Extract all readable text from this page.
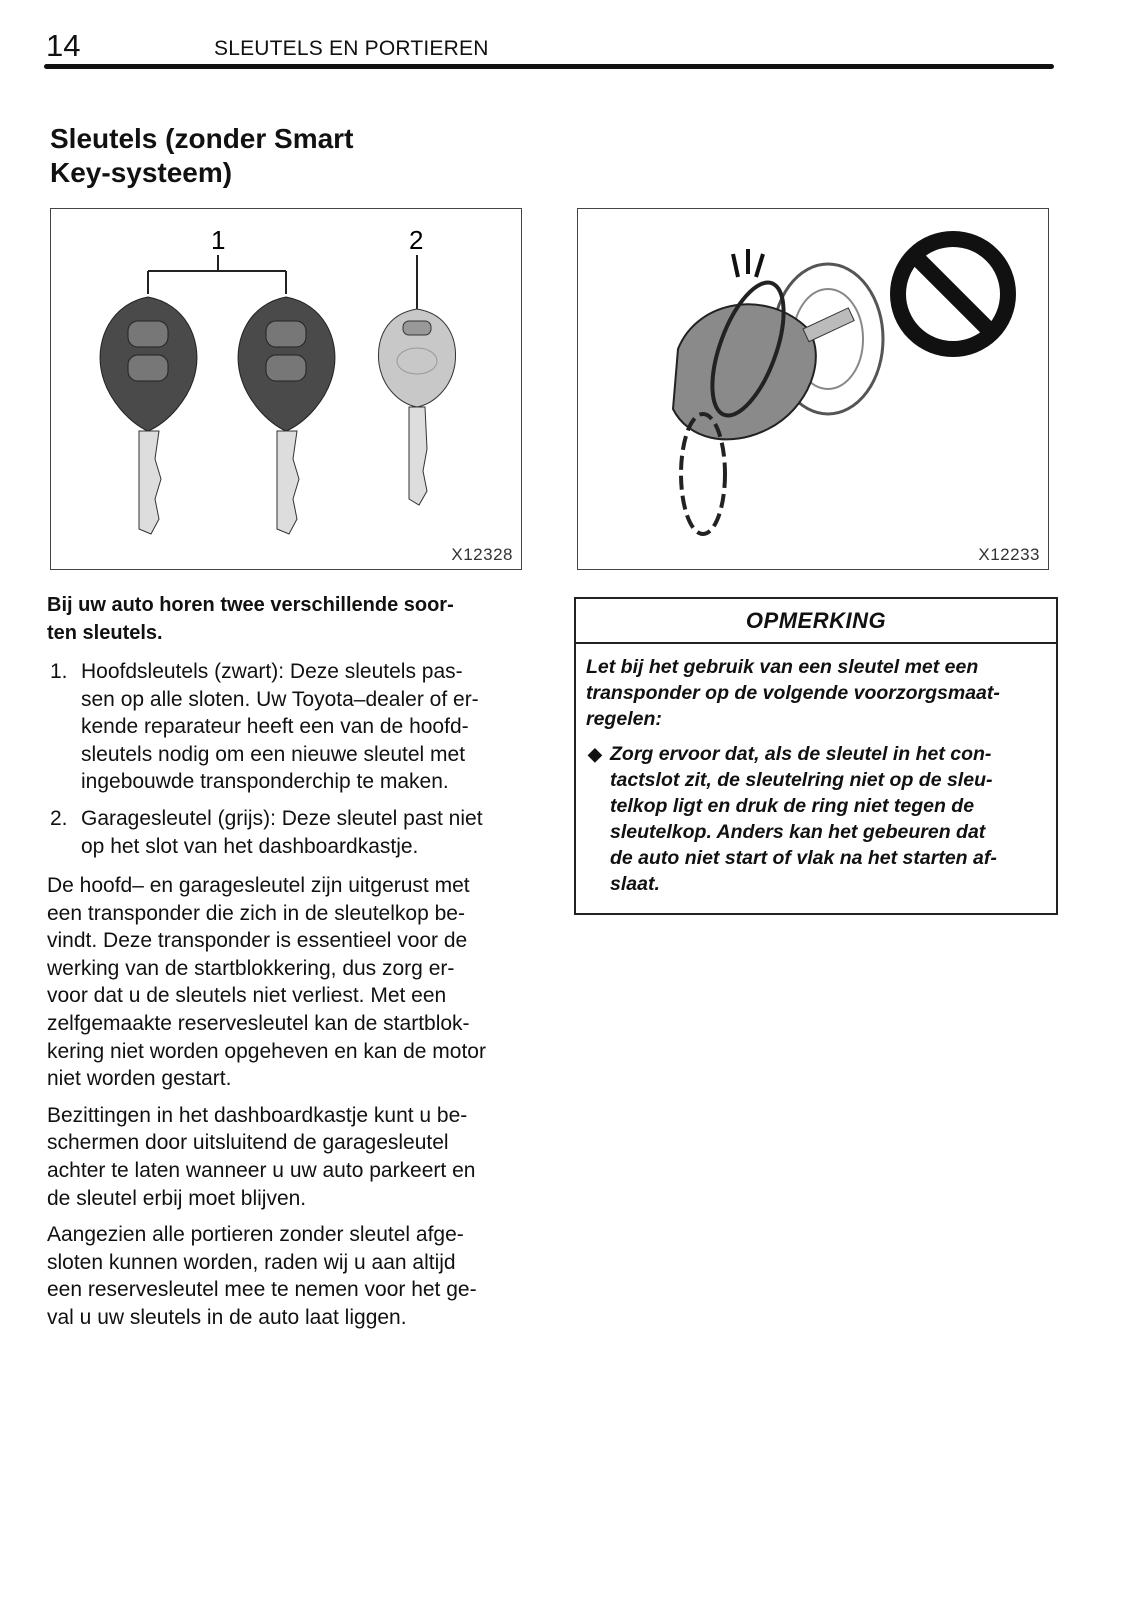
14	SLEUTELS EN PORTIEREN
Sleutels (zonder Smart
Key-systeem)
1	2
X12328	X12233
Bij uw auto horen twee verschillende soor-
ten sleutels.
1. Hoofdsleutels (zwart): Deze sleutels pas-
sen op alle sloten. Uw Toyota–dealer of er-
kende reparateur heeft een van de hoofd-
sleutels nodig om een nieuwe sleutel met
ingebouwde transponderchip te maken.
2. Garagesleutel (grijs): Deze sleutel past niet
op het slot van het dashboardkastje.
De hoofd– en garagesleutel zijn uitgerust met
een transponder die zich in de sleutelkop be-
vindt. Deze transponder is essentieel voor de
werking van de startblokkering, dus zorg er-
voor dat u de sleutels niet verliest. Met een
zelfgemaakte reservesleutel kan de startblok-
kering niet worden opgeheven en kan de motor
niet worden gestart.
Bezittingen in het dashboardkastje kunt u be-
schermen door uitsluitend de garagesleutel
achter te laten wanneer u uw auto parkeert en
de sleutel erbij moet blijven.
Aangezien alle portieren zonder sleutel afge-
sloten kunnen worden, raden wij u aan altijd
een reservesleutel mee te nemen voor het ge-
val u uw sleutels in de auto laat liggen.
OPMERKING
Let bij het gebruik van een sleutel met een
transponder op de volgende voorzorgsmaat-
regelen:
◆ Zorg ervoor dat, als de sleutel in het con-
tactslot zit, de sleutelring niet op de sleu-
telkop ligt en druk de ring niet tegen de
sleutelkop. Anders kan het gebeuren dat
de auto niet start of vlak na het starten af-
slaat.
